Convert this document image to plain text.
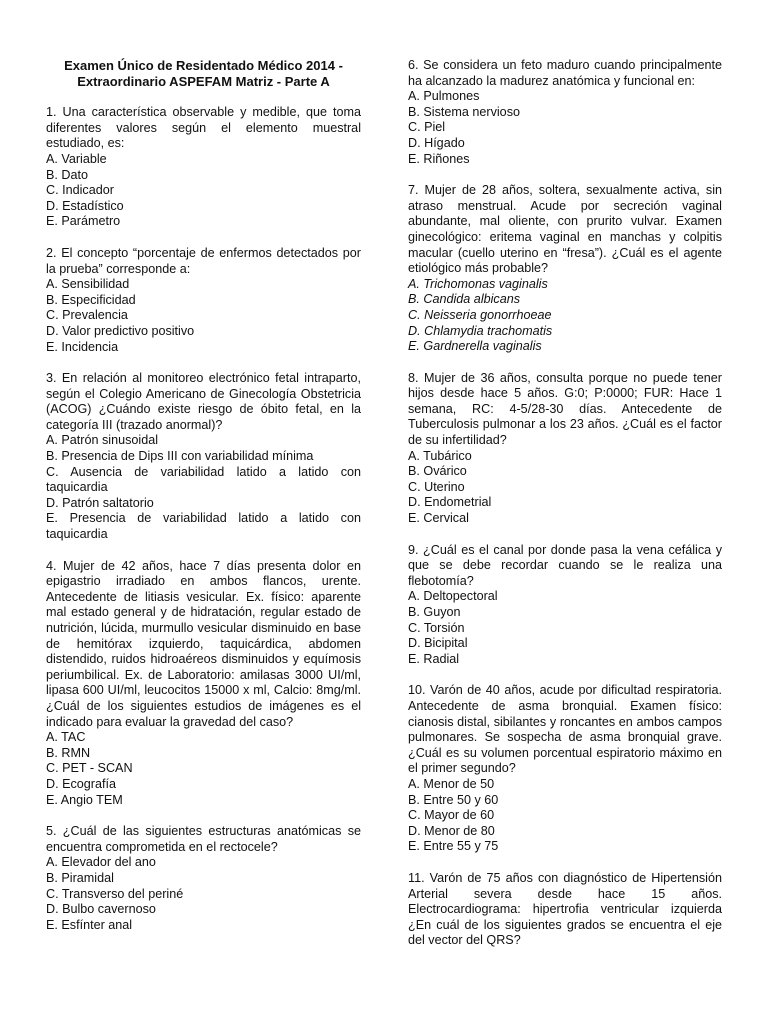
Examen Único de Residentado Médico 2014 - Extraordinario ASPEFAM Matriz - Parte A
1. Una característica observable y medible, que toma diferentes valores según el elemento muestral estudiado, es:
A. Variable
B. Dato
C. Indicador
D. Estadístico
E. Parámetro
2. El concepto “porcentaje de enfermos detectados por la prueba” corresponde a:
A. Sensibilidad
B. Especificidad
C. Prevalencia
D. Valor predictivo positivo
E. Incidencia
3. En relación al monitoreo electrónico fetal intraparto, según el Colegio Americano de Ginecología Obstetricia (ACOG) ¿Cuándo existe riesgo de óbito fetal, en la categoría III (trazado anormal)?
A. Patrón sinusoidal
B. Presencia de Dips III con variabilidad mínima
C. Ausencia de variabilidad latido a latido con taquicardia
D. Patrón saltatorio
E. Presencia de variabilidad latido a latido con taquicardia
4. Mujer de 42 años, hace 7 días presenta dolor en epigastrio irradiado en ambos flancos, urente. Antecedente de litiasis vesicular. Ex. físico: aparente mal estado general y de hidratación, regular estado de nutrición, lúcida, murmullo vesicular disminuido en base de hemitórax izquierdo, taquicárdica, abdomen distendido, ruidos hidroaéreos disminuidos y equímosis periumbilical. Ex. de Laboratorio: amilasas 3000 UI/ml, lipasa 600 UI/ml, leucocitos 15000 x ml, Calcio: 8mg/ml. ¿Cuál de los siguientes estudios de imágenes es el indicado para evaluar la gravedad del caso?
A. TAC
B. RMN
C. PET - SCAN
D. Ecografía
E. Angio TEM
5. ¿Cuál de las siguientes estructuras anatómicas se encuentra comprometida en el rectocele?
A. Elevador del ano
B. Piramidal
C. Transverso del periné
D. Bulbo cavernoso
E. Esfínter anal
6. Se considera un feto maduro cuando principalmente ha alcanzado la madurez anatómica y funcional en:
A. Pulmones
B. Sistema nervioso
C. Piel
D. Hígado
E. Riñones
7. Mujer de 28 años, soltera, sexualmente activa, sin atraso menstrual. Acude por secreción vaginal abundante, mal oliente, con prurito vulvar. Examen ginecológico: eritema vaginal en manchas y colpitis macular (cuello uterino en “fresa”). ¿Cuál es el agente etiológico más probable?
A. Trichomonas vaginalis
B. Candida albicans
C. Neisseria gonorrhoeae
D. Chlamydia trachomatis
E. Gardnerella vaginalis
8. Mujer de 36 años, consulta porque no puede tener hijos desde hace 5 años. G:0; P:0000; FUR: Hace 1 semana, RC: 4-5/28-30 días. Antecedente de Tuberculosis pulmonar a los 23 años. ¿Cuál es el factor de su infertilidad?
A. Tubárico
B. Ovárico
C. Uterino
D. Endometrial
E. Cervical
9. ¿Cuál es el canal por donde pasa la vena cefálica y que se debe recordar cuando se le realiza una flebotomía?
A. Deltopectoral
B. Guyon
C. Torsión
D. Bicipital
E. Radial
10. Varón de 40 años, acude por dificultad respiratoria. Antecedente de asma bronquial. Examen físico: cianosis distal, sibilantes y roncantes en ambos campos pulmonares. Se sospecha de asma bronquial grave. ¿Cuál es su volumen porcentual espiratorio máximo en el primer segundo?
A. Menor de 50
B. Entre 50 y 60
C. Mayor de 60
D. Menor de 80
E. Entre 55 y 75
11. Varón de 75 años con diagnóstico de Hipertensión Arterial severa desde hace 15 años. Electrocardiograma: hipertrofia ventricular izquierda ¿En cuál de los siguientes grados se encuentra el eje del vector del QRS?
